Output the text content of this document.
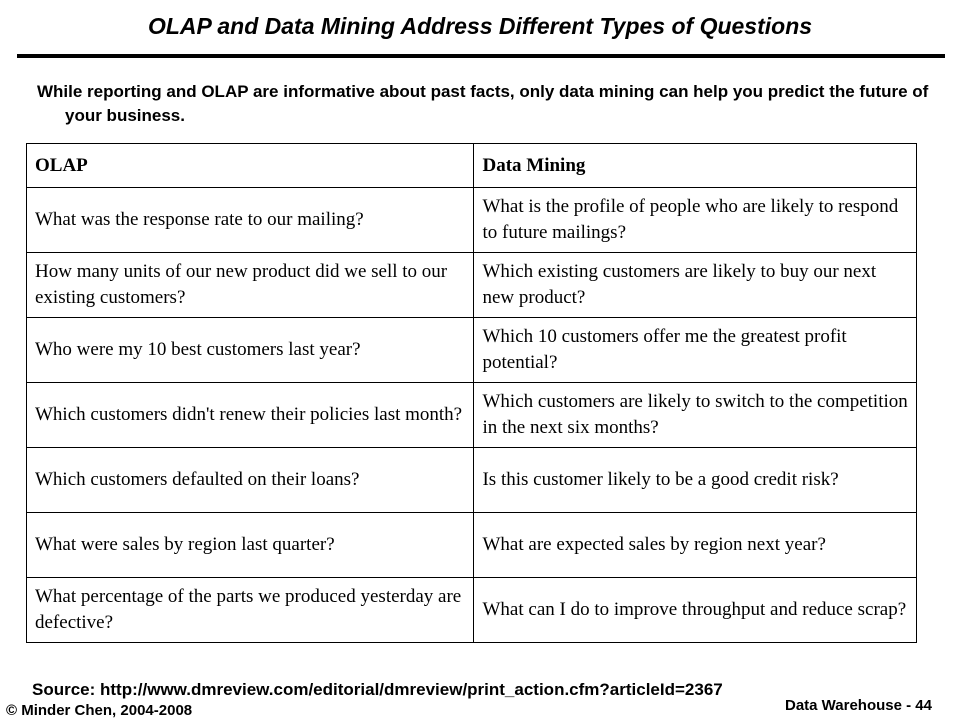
OLAP and Data Mining Address Different Types of Questions

While reporting and OLAP are informative about past facts, only data mining can help you predict the future of your business.

OLAP	Data Mining
What was the response rate to our mailing?	What is the profile of people who are likely to respond to future mailings?
How many units of our new product did we sell to our existing customers?	Which existing customers are likely to buy our next new product?
Who were my 10 best customers last year?	Which 10 customers offer me the greatest profit potential?
Which customers didn't renew their policies last month?	Which customers are likely to switch to the competition in the next six months?
Which customers defaulted on their loans?	Is this customer likely to be a good credit risk?
What were sales by region last quarter?	What are expected sales by region next year?
What percentage of the parts we produced yesterday are defective?	What can I do to improve throughput and reduce scrap?

Source: http://www.dmreview.com/editorial/dmreview/print_action.cfm?articleId=2367

© Minder Chen, 2004-2008	Data Warehouse - 44
